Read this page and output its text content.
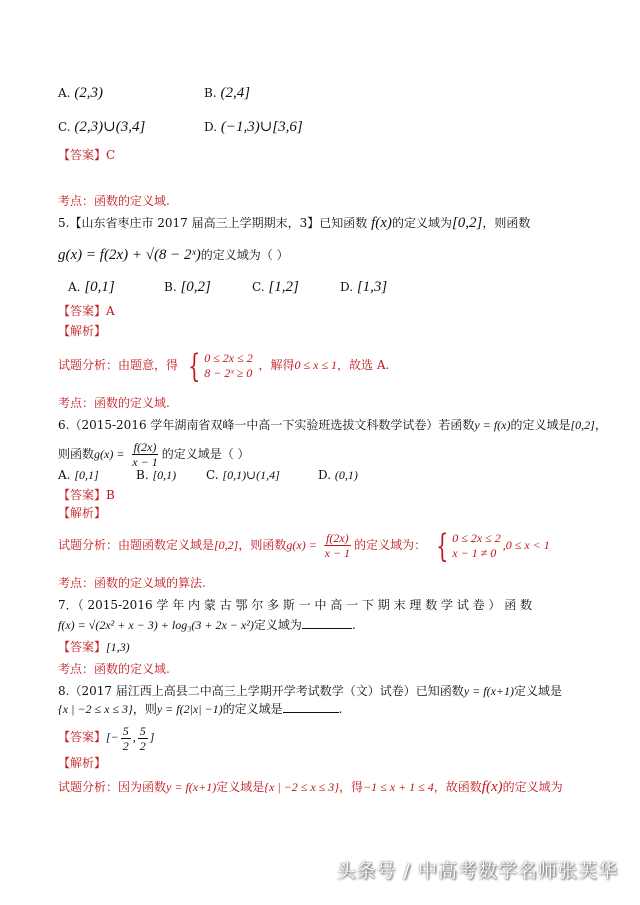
A. (2,3)	B. (2,4]
C. (2,3)∪(3,4]	D. (−1,3)∪[3,6]
【答案】C
考点：函数的定义域.
5.【山东省枣庄市 2017 届高三上学期期末，3】已知函数 f(x)的定义域为[0,2]，则函数
g(x) = f(2x) + √(8 − 2ˣ)的定义域为（ ）
A. [0,1]	B. [0,2]	C. [1,2]	D. [1,3]
【答案】A
【解析】
试题分析：由题意，得 { 0 ≤ 2x ≤ 2
8 − 2ˣ ≥ 0
，解得0 ≤ x ≤ 1，故选 A.
考点：函数的定义域.
6.（2015-2016 学年湖南省双峰一中高一下实验班选拔文科数学试卷）若函数y = f(x)的定义域是[0,2]，
则函数$g(x) = \frac{f(2x)}{x - 1}$ 的定义域是（ ）
A. [0,1]	B. [0,1) C. [0,1)∪(1,4]	D. (0,1)
【答案】B
【解析】
试题分析：由题函数定义域是[0,2]，则函数$g(x) = \frac{f(2x)}{x - 1}$ 的定义域为： { 0 ≤ 2x ≤ 2
x − 1 ≠ 0
,0 ≤ x < 1
考点：函数的定义域的算法.
7．（ 2015-2016 学 年 内 蒙 古 鄂 尔 多 斯 一 中 高 一 下 期 末 理 数 学 试 卷 ） 函 数
f(x) = √(2x² + x − 3) + log₃(3 + 2x − x²)定义域为	.
【答案】[1,3)
考点：函数的定义域.
8.（2017 届江西上高县二中高三上学期开学考试数学（文）试卷）已知函数y = f(x+1)定义域是
{x | −2 ≤ x ≤ 3}，则y = f(2|x| −1)的定义域是	.
【答案】[− $\frac{5}{2}$ , $\frac{5}{2}$ ]
【解析】
试题分析：因为函数y = f(x+1)定义域是{x | −2 ≤ x ≤ 3}，得−1 ≤ x + 1 ≤ 4，故函数f(x)的定义域为
头条号 / 中高考数学名师张芙华
